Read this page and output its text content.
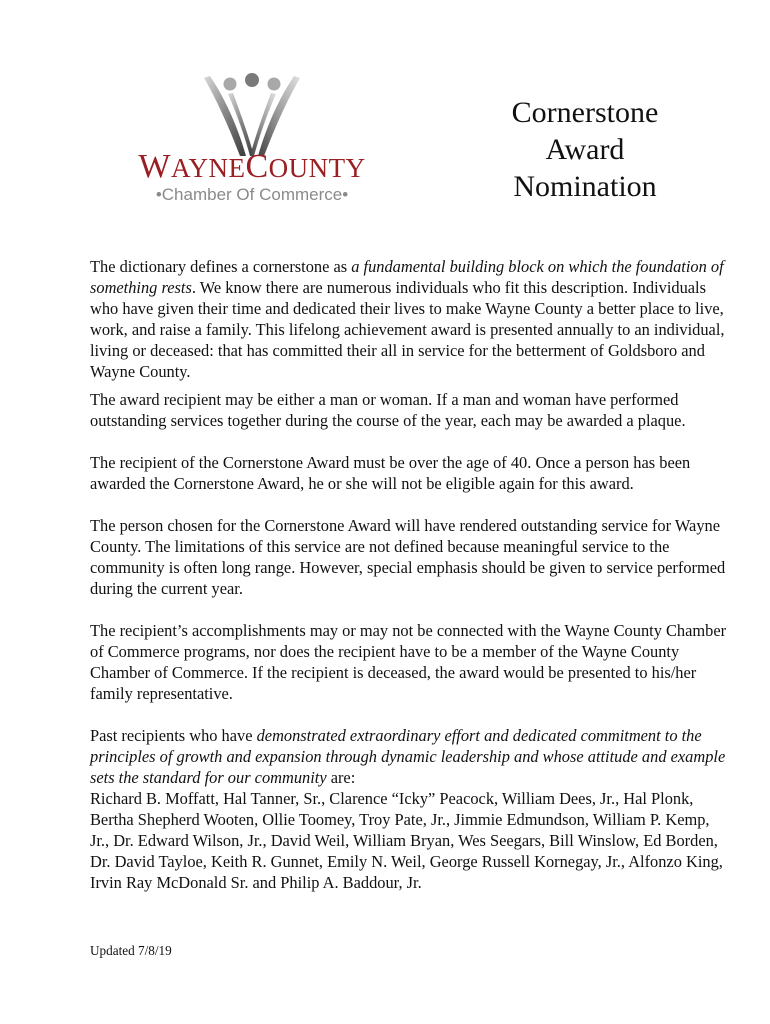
WAYNECOUNTY
•Chamber Of Commerce•
Cornerstone
Award
Nomination

The dictionary defines a cornerstone as a fundamental building block on which the foundation of something rests. We know there are numerous individuals who fit this description. Individuals who have given their time and dedicated their lives to make Wayne County a better place to live, work, and raise a family. This lifelong achievement award is presented annually to an individual, living or deceased: that has committed their all in service for the betterment of Goldsboro and Wayne County.

The award recipient may be either a man or woman. If a man and woman have performed outstanding services together during the course of the year, each may be awarded a plaque.

The recipient of the Cornerstone Award must be over the age of 40. Once a person has been awarded the Cornerstone Award, he or she will not be eligible again for this award.

The person chosen for the Cornerstone Award will have rendered outstanding service for Wayne County. The limitations of this service are not defined because meaningful service to the community is often long range. However, special emphasis should be given to service performed during the current year.

The recipient’s accomplishments may or may not be connected with the Wayne County Chamber of Commerce programs, nor does the recipient have to be a member of the Wayne County Chamber of Commerce. If the recipient is deceased, the award would be presented to his/her family representative.

Past recipients who have demonstrated extraordinary effort and dedicated commitment to the principles of growth and expansion through dynamic leadership and whose attitude and example sets the standard for our community are:

Richard B. Moffatt, Hal Tanner, Sr., Clarence “Icky” Peacock, William Dees, Jr., Hal Plonk, Bertha Shepherd Wooten, Ollie Toomey, Troy Pate, Jr., Jimmie Edmundson, William P. Kemp, Jr., Dr. Edward Wilson, Jr., David Weil, William Bryan, Wes Seegars, Bill Winslow, Ed Borden, Dr. David Tayloe, Keith R. Gunnet, Emily N. Weil, George Russell Kornegay, Jr., Alfonzo King, Irvin Ray McDonald Sr. and Philip A. Baddour, Jr.

Updated 7/8/19
